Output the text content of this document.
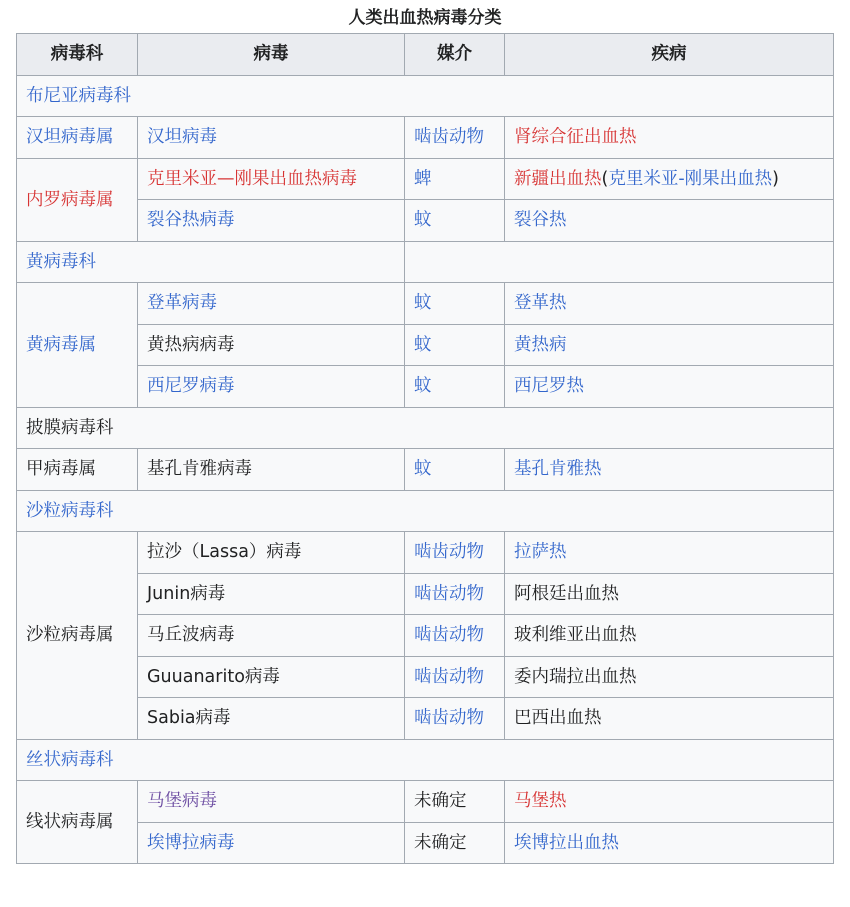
人类出血热病毒分类
病毒科	病毒	媒介	疾病
布尼亚病毒科			
汉坦病毒属	汉坦病毒	啮齿动物	肾综合征出血热
内罗病毒属	克里米亚—刚果出血热病毒	蜱	新疆出血热(克里米亚-刚果出血热)
	裂谷热病毒	蚊	裂谷热
黄病毒科			
黄病毒属	登革病毒	蚊	登革热
	黄热病病毒	蚊	黄热病
	西尼罗病毒	蚊	西尼罗热
披膜病毒科			
甲病毒属	基孔肯雅病毒	蚊	基孔肯雅热
沙粒病毒科			
沙粒病毒属	拉沙（Lassa）病毒	啮齿动物	拉萨热
	Junin病毒	啮齿动物	阿根廷出血热
	马丘波病毒	啮齿动物	玻利维亚出血热
	Guuanarito病毒	啮齿动物	委内瑞拉出血热
	Sabia病毒	啮齿动物	巴西出血热
丝状病毒科			
线状病毒属	马堡病毒	未确定	马堡热
	埃博拉病毒	未确定	埃博拉出血热
